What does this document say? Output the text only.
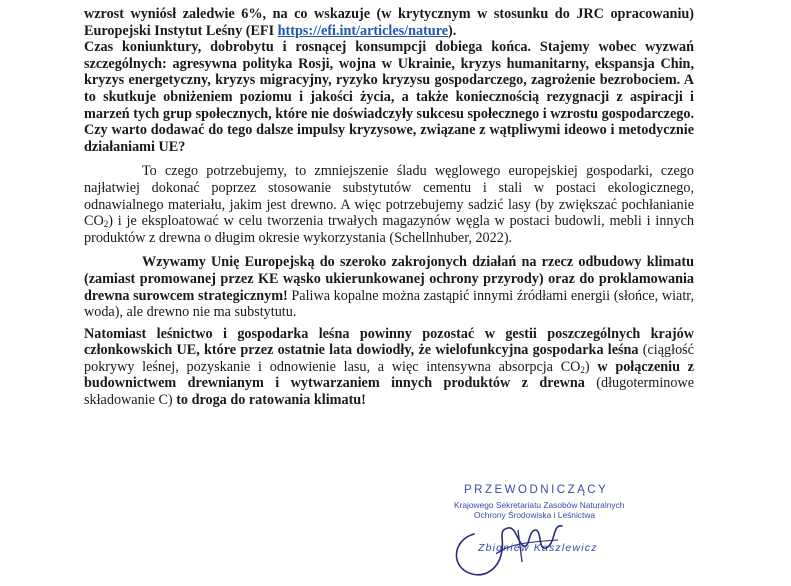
wzrost wyniósł zaledwie 6%, na co wskazuje (w krytycznym w stosunku do JRC opracowaniu) Europejski Instytut Leśny (EFI https://efi.int/articles/nature).

Czas koniunktury, dobrobytu i rosnącej konsumpcji dobiega końca. Stajemy wobec wyzwań szczególnych: agresywna polityka Rosji, wojna w Ukrainie, kryzys humanitarny, ekspansja Chin, kryzys energetyczny, kryzys migracyjny, ryzyko kryzysu gospodarczego, zagrożenie bezrobociem. A to skutkuje obniżeniem poziomu i jakości życia, a także koniecznością rezygnacji z aspiracji i marzeń tych grup społecznych, które nie doświadczyły sukcesu społecznego i wzrostu gospodarczego. Czy warto dodawać do tego dalsze impulsy kryzysowe, związane z wątpliwymi ideowo i metodycznie działaniami UE?

To czego potrzebujemy, to zmniejszenie śladu węglowego europejskiej gospodarki, czego najłatwiej dokonać poprzez stosowanie substytutów cementu i stali w postaci ekologicznego, odnawialnego materiału, jakim jest drewno. A więc potrzebujemy sadzić lasy (by zwiększać pochłanianie $CO_2$) i je eksploatować w celu tworzenia trwałych magazynów węgla w postaci budowli, mebli i innych produktów z drewna o długim okresie wykorzystania (Schellnhuber, 2022).

Wzywamy Unię Europejską do szeroko zakrojonych działań na rzecz odbudowy klimatu (zamiast promowanej przez KE wąsko ukierunkowanej ochrony przyrody) oraz do proklamowania drewna surowcem strategicznym! Paliwa kopalne można zastąpić innymi źródłami energii (słońce, wiatr, woda), ale drewno nie ma substytutu.

Natomiast leśnictwo i gospodarka leśna powinny pozostać w gestii poszczególnych krajów członkowskich UE, które przez ostatnie lata dowiodły, że wielofunkcyjna gospodarka leśna (ciągłość pokrywy leśnej, pozyskanie i odnowienie lasu, a więc intensywna absorpcja $CO_2$) w połączeniu z budownictwem drewnianym i wytwarzaniem innych produktów z drewna (długoterminowe składowanie C) to droga do ratowania klimatu!

PRZEWODNICZĄCY
Krajowego Sekretariatu Zasobów Naturalnych
Ochrony Środowiska i Leśnictwa
Zbigniew Kaszlewicz
